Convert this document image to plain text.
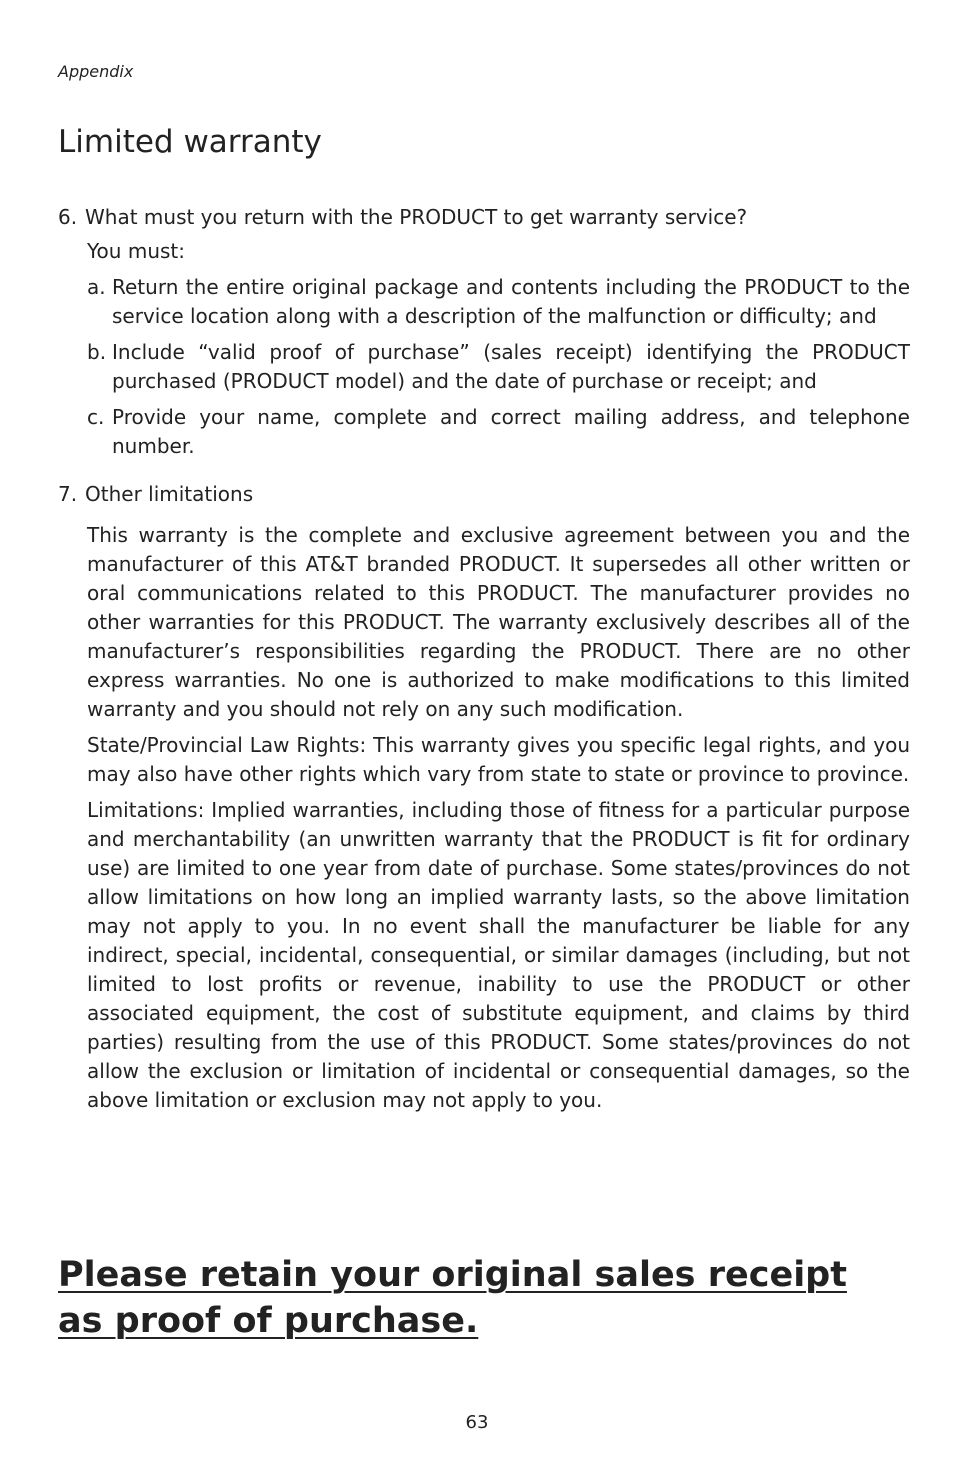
Appendix
Limited warranty

6. What must you return with the PRODUCT to get warranty service?

You must:

a. Return the entire original package and contents including the PRODUCT to the service location along with a description of the malfunction or difficulty; and
b. Include “valid proof of purchase” (sales receipt) identifying the PRODUCT purchased (PRODUCT model) and the date of purchase or receipt; and
c. Provide your name, complete and correct mailing address, and telephone number.

7. Other limitations

This warranty is the complete and exclusive agreement between you and the manufacturer of this AT&T branded PRODUCT. It supersedes all other written or oral communications related to this PRODUCT. The manufacturer provides no other warranties for this PRODUCT. The warranty exclusively describes all of the manufacturer’s responsibilities regarding the PRODUCT. There are no other express warranties. No one is authorized to make modifications to this limited warranty and you should not rely on any such modification.

State/Provincial Law Rights: This warranty gives you specific legal rights, and you may also have other rights which vary from state to state or province to province.

Limitations: Implied warranties, including those of fitness for a particular purpose and merchantability (an unwritten warranty that the PRODUCT is fit for ordinary use) are limited to one year from date of purchase. Some states/provinces do not allow limitations on how long an implied warranty lasts, so the above limitation may not apply to you. In no event shall the manufacturer be liable for any indirect, special, incidental, consequential, or similar damages (including, but not limited to lost profits or revenue, inability to use the PRODUCT or other associated equipment, the cost of substitute equipment, and claims by third parties) resulting from the use of this PRODUCT. Some states/provinces do not allow the exclusion or limitation of incidental or consequential damages, so the above limitation or exclusion may not apply to you.

Please retain your original sales receipt as proof of purchase.
63
